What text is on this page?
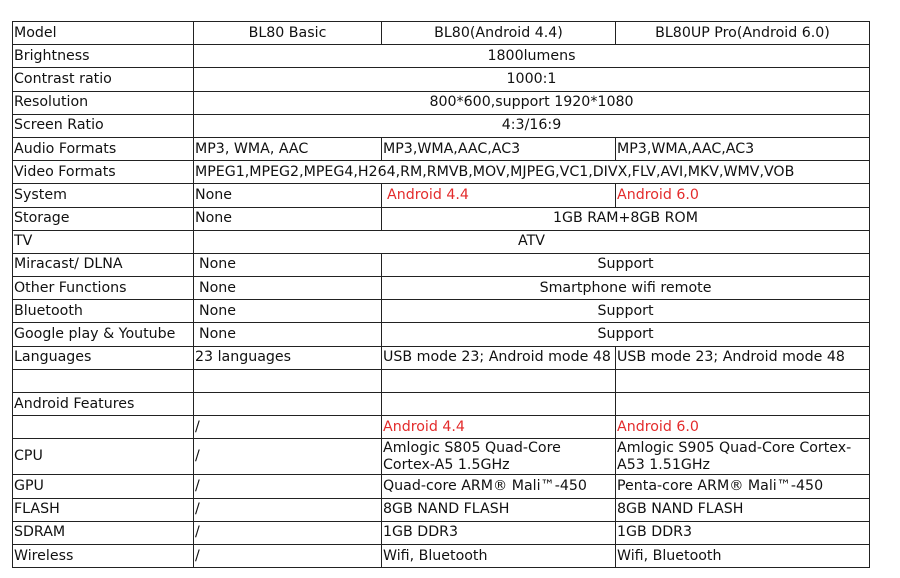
Model	BL80 Basic	BL80(Android 4.4)	BL80UP Pro(Android 6.0)
Brightness	1800lumens		
Contrast ratio	1000:1		
Resolution	800*600,support 1920*1080		
Screen Ratio	4:3/16:9		
Audio Formats	MP3, WMA, AAC	MP3,WMA,AAC,AC3	MP3,WMA,AAC,AC3
Video Formats	MPEG1,MPEG2,MPEG4,H264,RM,RMVB,MOV,MJPEG,VC1,DIVX,FLV,AVI,MKV,WMV,VOB		
System	None	Android 4.4	Android 6.0
Storage	None	1GB RAM+8GB ROM	
TV	ATV		
Miracast/ DLNA	None	Support	
Other Functions	None	Smartphone wifi remote	
Bluetooth	None	Support	
Google play & Youtube	None	Support	
Languages	23 languages	USB mode 23; Android mode 48	USB mode 23; Android mode 48

Android Features			
	/	Android 4.4	Android 6.0
CPU	/	Amlogic S805 Quad-Core Cortex-A5 1.5GHz	Amlogic S905 Quad-Core Cortex-A53 1.51GHz
GPU	/	Quad-core ARM® Mali™-450	Penta-core ARM® Mali™-450
FLASH	/	8GB NAND FLASH	8GB NAND FLASH
SDRAM	/	1GB DDR3	1GB DDR3
Wireless	/	Wifi, Bluetooth	Wifi, Bluetooth
